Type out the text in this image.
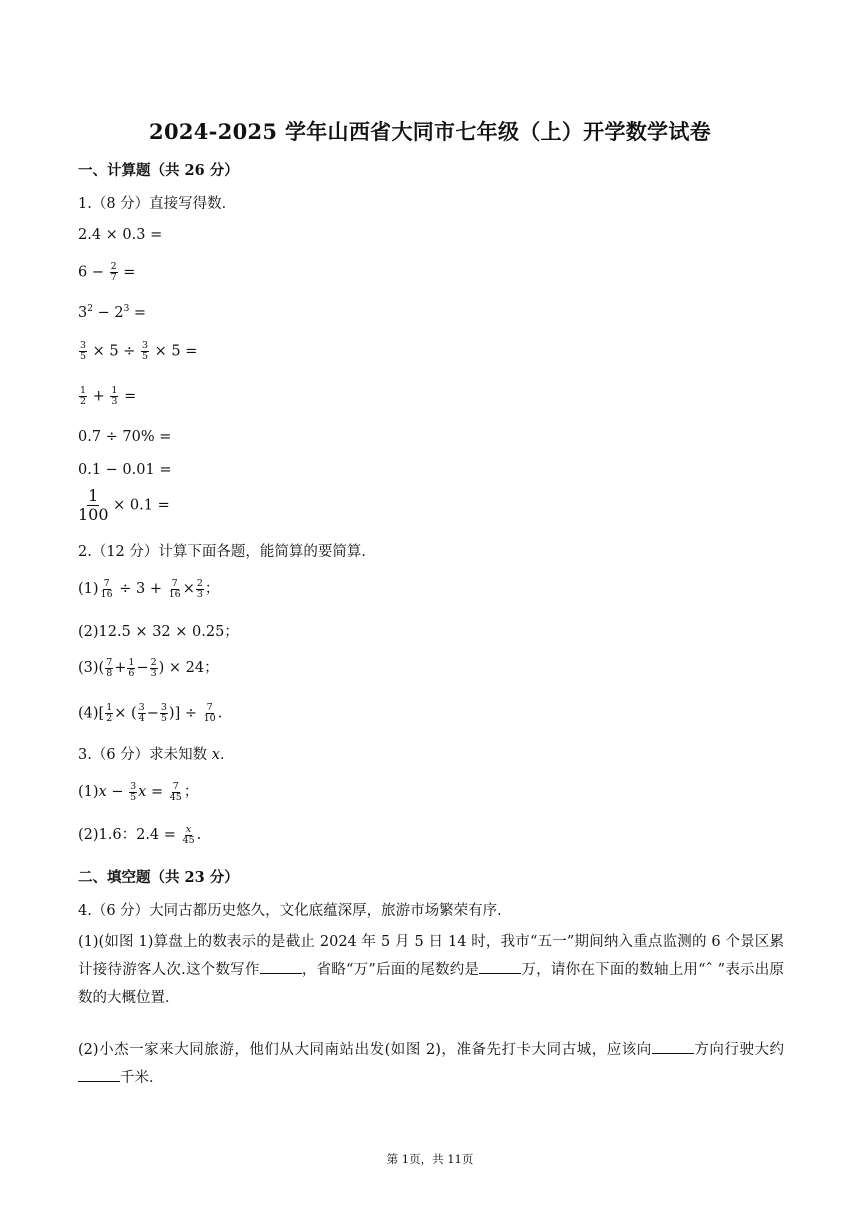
2024-2025 学年山西省大同市七年级（上）开学数学试卷
一、计算题（共 26 分）
1.（8 分）直接写得数．
2.4 × 0.3 =
$6 - \frac{2}{7}$ =
$3^2 - 2^3$ =
$\frac{3}{5} \times 5 \div \frac{3}{5} \times 5$ =
$\frac{1}{2} + \frac{1}{3}$ =
0.7 ÷ 70% =
0.1 − 0.01 =
$\frac{1}{100} \times 0.1$ =
2.（12 分）计算下面各题，能简算的要简算．
$(1) \frac{7}{16} \div 3 + \frac{7}{16} \times \frac{2}{3}$ ；
(2)12.5 × 32 × 0.25；
$(3)( \frac{7}{8} + \frac{1}{6} - \frac{2}{3}$ ) × 24；
$(4)[ \frac{1}{2}$ × ( $\frac{3}{4} - \frac{3}{5}$ )] ÷ $\frac{7}{10}$ .
3.（6 分）求未知数 x．
$(1)x - \frac{3}{5}$ $x = \frac{7}{45}$ ；
(2)1.6：$2.4 = \frac{x}{45}$ .
二、填空题（共 23 分）
4.（6 分）大同古都历史悠久，文化底蕴深厚，旅游市场繁荣有序．
(1)(如图 1)算盘上的数表示的是截止 2024 年 5 月 5 日 14 时，我市“五一”期间纳入重点监测的 6 个景区累计接待游客人次.这个数写作	，省略“万”后面的尾数约是	万，请你在下面的数轴上用“ˆ ”表示出原数的大概位置．
(2)小杰一家来大同旅游，他们从大同南站出发(如图 2)，准备先打卡大同古城，应该向	方向行驶大约千米．
第 1页，共 11页
